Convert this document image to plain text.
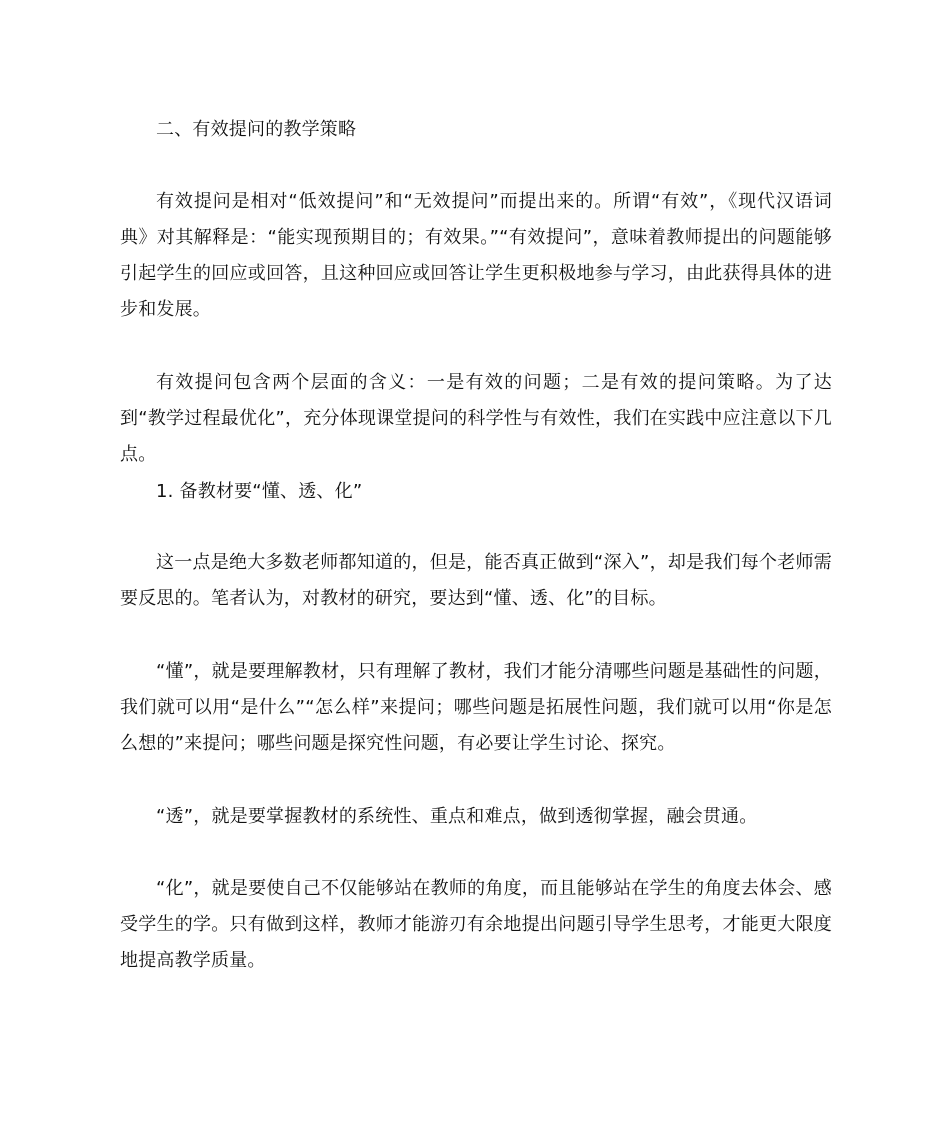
二、有效提问的教学策略

有效提问是相对“低效提问”和“无效提问”而提出来的。所谓“有效”，《现代汉语词典》对其解释是：“能实现预期目的；有效果。”“有效提问”，意味着教师提出的问题能够引起学生的回应或回答，且这种回应或回答让学生更积极地参与学习，由此获得具体的进步和发展。

有效提问包含两个层面的含义：一是有效的问题；二是有效的提问策略。为了达到“教学过程最优化”，充分体现课堂提问的科学性与有效性，我们在实践中应注意以下几点。

1. 备教材要“懂、透、化”

这一点是绝大多数老师都知道的，但是，能否真正做到“深入”，却是我们每个老师需要反思的。笔者认为，对教材的研究，要达到“懂、透、化”的目标。

“懂”，就是要理解教材，只有理解了教材，我们才能分清哪些问题是基础性的问题，我们就可以用“是什么”“怎么样”来提问；哪些问题是拓展性问题，我们就可以用“你是怎么想的”来提问；哪些问题是探究性问题，有必要让学生讨论、探究。

“透”，就是要掌握教材的系统性、重点和难点，做到透彻掌握，融会贯通。

“化”，就是要使自己不仅能够站在教师的角度，而且能够站在学生的角度去体会、感受学生的学。只有做到这样，教师才能游刃有余地提出问题引导学生思考，才能更大限度地提高教学质量。
